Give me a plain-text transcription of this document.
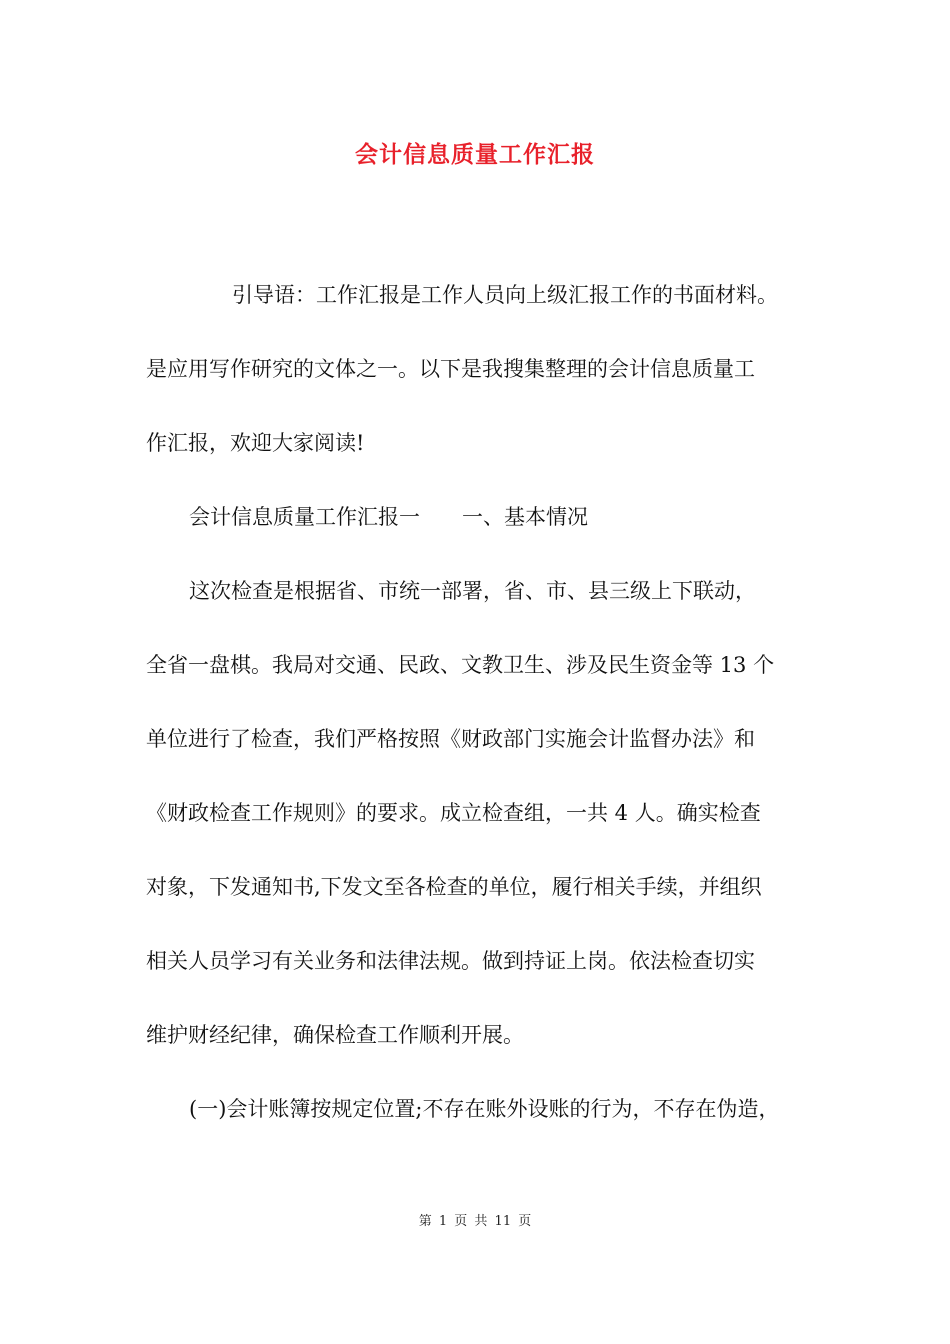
会计信息质量工作汇报
引导语：工作汇报是工作人员向上级汇报工作的书面材料。
是应用写作研究的文体之一。以下是我搜集整理的会计信息质量工
作汇报，欢迎大家阅读!
会计信息质量工作汇报一　　一、基本情况
这次检查是根据省、市统一部署，省、市、县三级上下联动，
全省一盘棋。我局对交通、民政、文教卫生、涉及民生资金等 13 个
单位进行了检查，我们严格按照《财政部门实施会计监督办法》和
《财政检查工作规则》的要求。成立检查组，一共 4 人。确实检查
对象，下发通知书,下发文至各检查的单位，履行相关手续，并组织
相关人员学习有关业务和法律法规。做到持证上岗。依法检查切实
维护财经纪律，确保检查工作顺利开展。
(一)会计账簿按规定位置;不存在账外设账的行为，不存在伪造，
第 1 页 共 11 页
